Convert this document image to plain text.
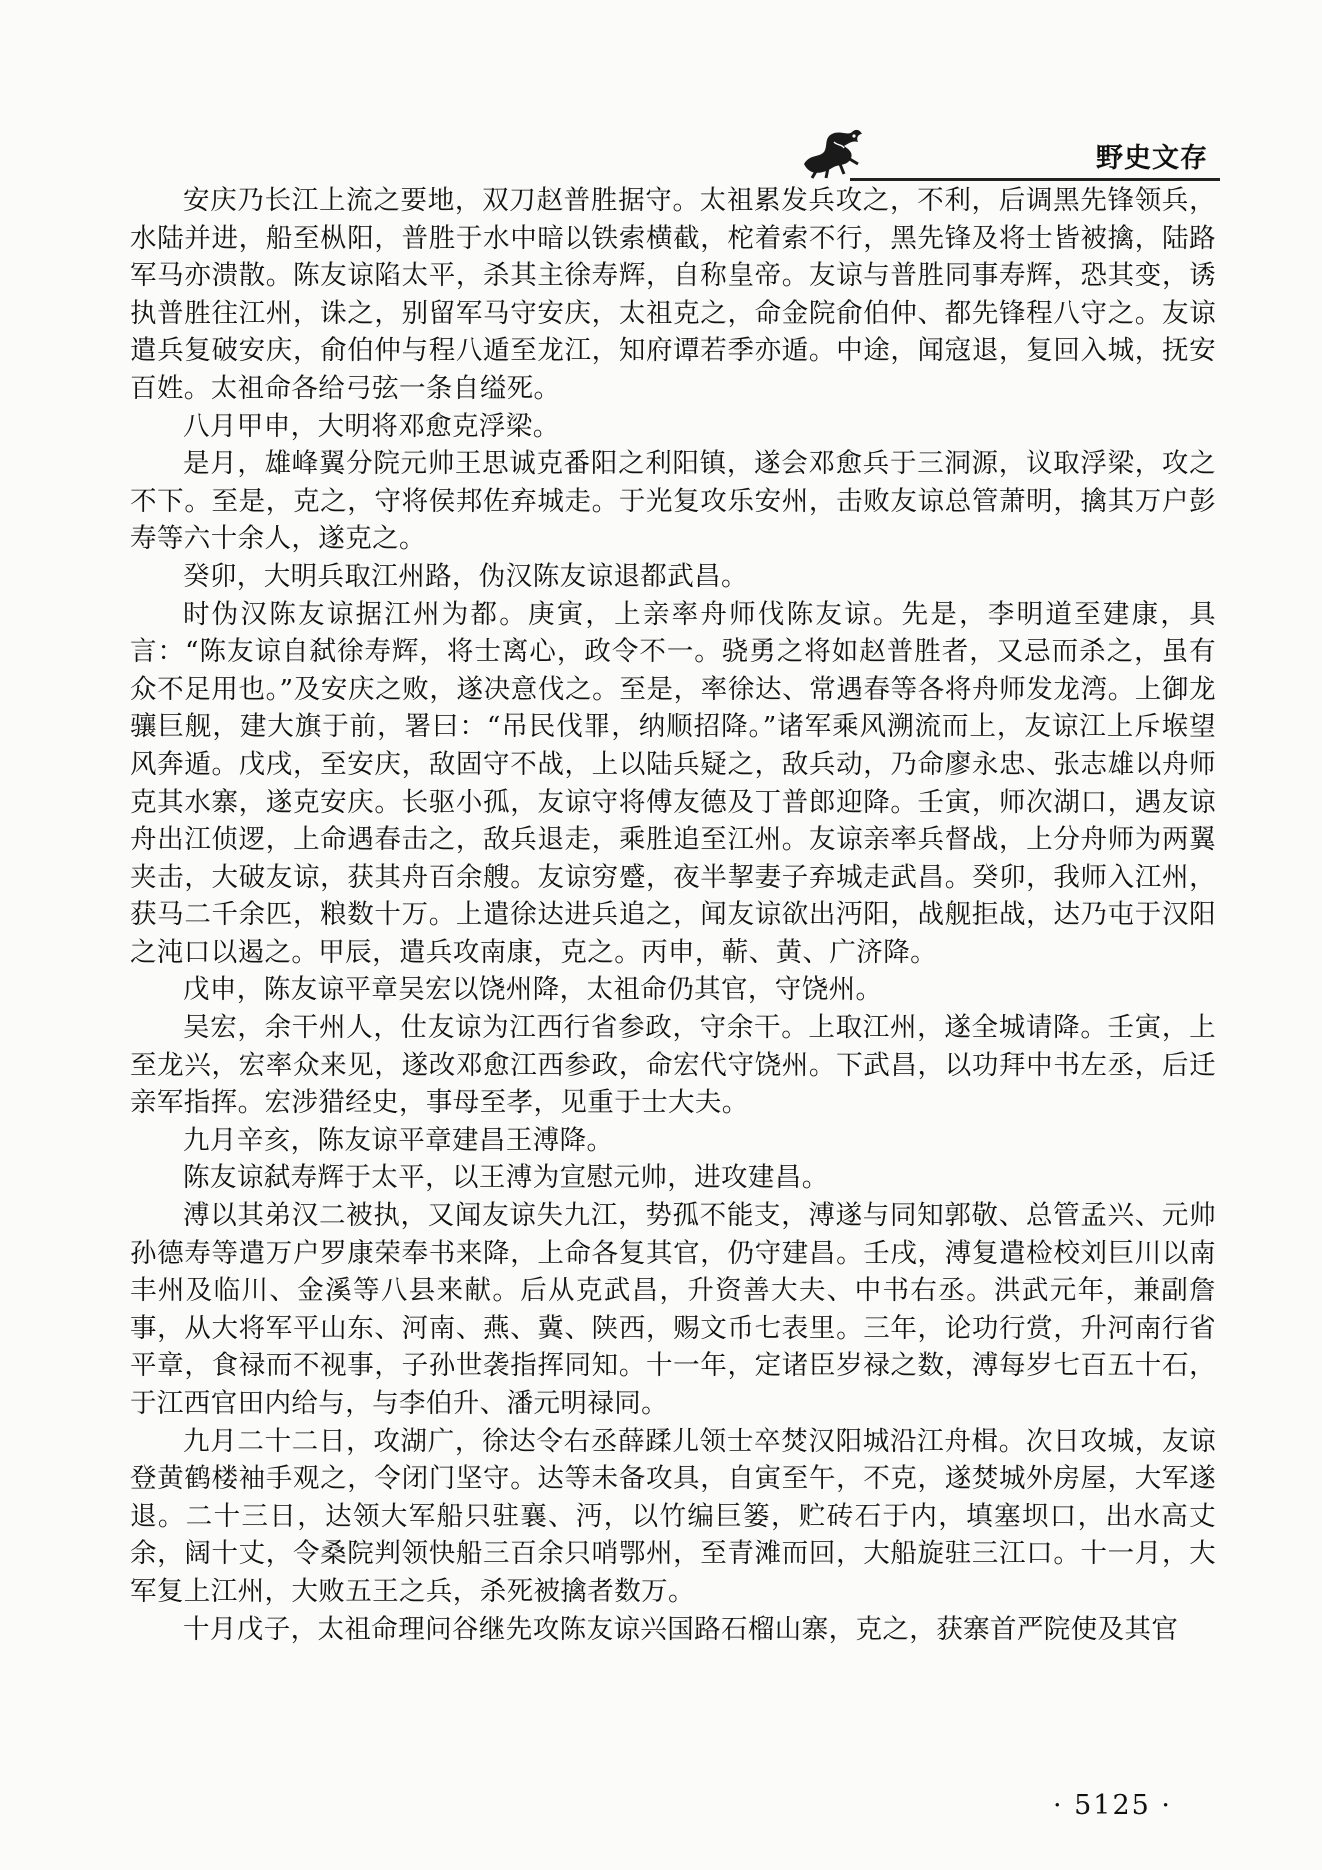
野史文存

安庆乃长江上流之要地，双刀赵普胜据守。太祖累发兵攻之，不利，后调黑先锋领兵，水陆并进，船至枞阳，普胜于水中暗以铁索横截，柁着索不行，黑先锋及将士皆被擒，陆路军马亦溃散。陈友谅陷太平，杀其主徐寿辉，自称皇帝。友谅与普胜同事寿辉，恐其变，诱执普胜往江州，诛之，别留军马守安庆，太祖克之，命金院俞伯仲、都先锋程八守之。友谅遣兵复破安庆，俞伯仲与程八遁至龙江，知府谭若季亦遁。中途，闻寇退，复回入城，抚安百姓。太祖命各给弓弦一条自缢死。

八月甲申，大明将邓愈克浮梁。

是月，雄峰翼分院元帅王思诚克番阳之利阳镇，遂会邓愈兵于三洞源，议取浮梁，攻之不下。至是，克之，守将侯邦佐弃城走。于光复攻乐安州，击败友谅总管萧明，擒其万户彭寿等六十余人，遂克之。

癸卯，大明兵取江州路，伪汉陈友谅退都武昌。

时伪汉陈友谅据江州为都。庚寅，上亲率舟师伐陈友谅。先是，李明道至建康，具言：“陈友谅自弑徐寿辉，将士离心，政令不一。骁勇之将如赵普胜者，又忌而杀之，虽有众不足用也。”及安庆之败，遂决意伐之。至是，率徐达、常遇春等各将舟师发龙湾。上御龙骧巨舰，建大旗于前，署曰：“吊民伐罪，纳顺招降。”诸军乘风溯流而上，友谅江上斥堠望风奔遁。戊戌，至安庆，敌固守不战，上以陆兵疑之，敌兵动，乃命廖永忠、张志雄以舟师克其水寨，遂克安庆。长驱小孤，友谅守将傅友德及丁普郎迎降。壬寅，师次湖口，遇友谅舟出江侦逻，上命遇春击之，敌兵退走，乘胜追至江州。友谅亲率兵督战，上分舟师为两翼夹击，大破友谅，获其舟百余艘。友谅穷蹙，夜半挈妻子弃城走武昌。癸卯，我师入江州，获马二千余匹，粮数十万。上遣徐达进兵追之，闻友谅欲出沔阳，战舰拒战，达乃屯于汉阳之沌口以遏之。甲辰，遣兵攻南康，克之。丙申，蕲、黄、广济降。

戊申，陈友谅平章吴宏以饶州降，太祖命仍其官，守饶州。

吴宏，余干州人，仕友谅为江西行省参政，守余干。上取江州，遂全城请降。壬寅，上至龙兴，宏率众来见，遂改邓愈江西参政，命宏代守饶州。下武昌，以功拜中书左丞，后迁亲军指挥。宏涉猎经史，事母至孝，见重于士大夫。

九月辛亥，陈友谅平章建昌王溥降。

陈友谅弑寿辉于太平，以王溥为宣慰元帅，进攻建昌。

溥以其弟汉二被执，又闻友谅失九江，势孤不能支，溥遂与同知郭敬、总管孟兴、元帅孙德寿等遣万户罗康荣奉书来降，上命各复其官，仍守建昌。壬戌，溥复遣检校刘巨川以南丰州及临川、金溪等八县来献。后从克武昌，升资善大夫、中书右丞。洪武元年，兼副詹事，从大将军平山东、河南、燕、冀、陕西，赐文币七表里。三年，论功行赏，升河南行省平章，食禄而不视事，子孙世袭指挥同知。十一年，定诸臣岁禄之数，溥每岁七百五十石，于江西官田内给与，与李伯升、潘元明禄同。

九月二十二日，攻湖广，徐达令右丞薛蹂儿领士卒焚汉阳城沿江舟楫。次日攻城，友谅登黄鹤楼袖手观之，令闭门坚守。达等未备攻具，自寅至午，不克，遂焚城外房屋，大军遂退。二十三日，达领大军船只驻襄、沔，以竹编巨篓，贮砖石于内，填塞坝口，出水高丈余，阔十丈，令桑院判领快船三百余只哨鄂州，至青滩而回，大船旋驻三江口。十一月，大军复上江州，大败五王之兵，杀死被擒者数万。

十月戊子，太祖命理问谷继先攻陈友谅兴国路石榴山寨，克之，获寨首严院使及其官

· 5125 ·
